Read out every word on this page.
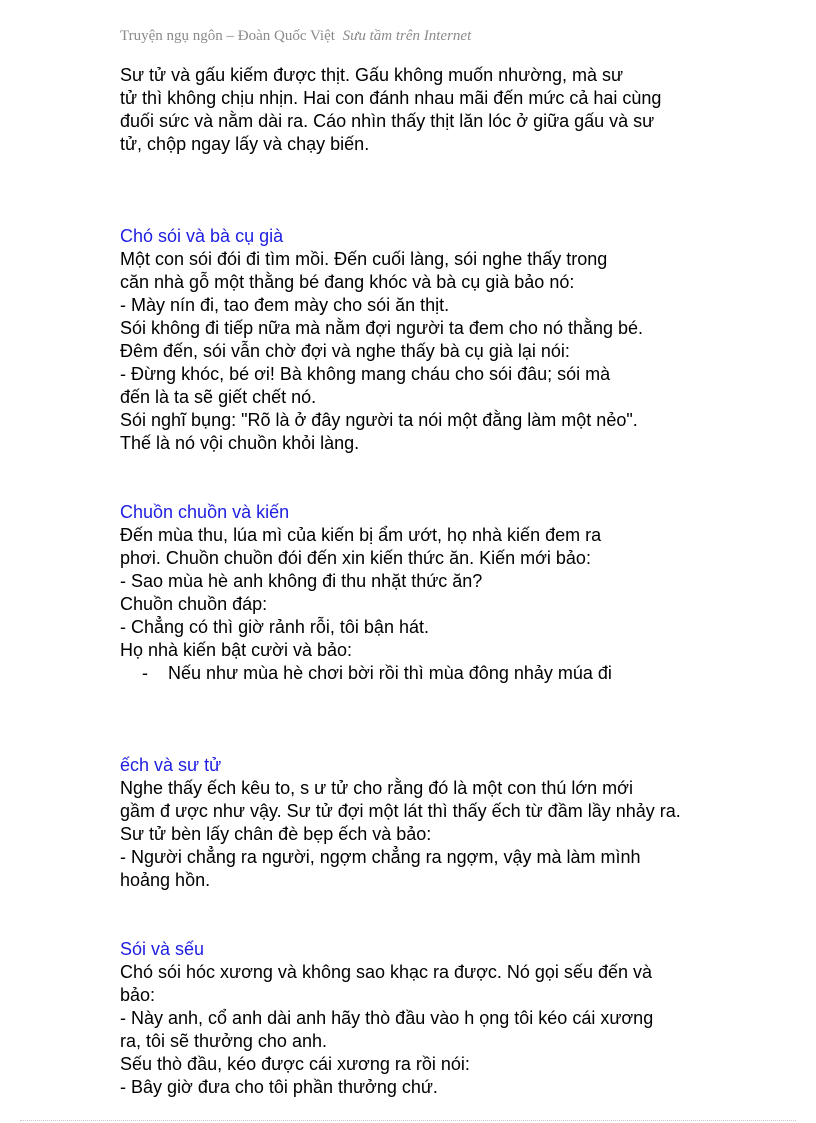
Truyện ngụ ngôn – Đoàn Quốc Việt Sưu tầm trên Internet

Sư tử và gấu kiếm được thịt. Gấu không muốn nhường, mà sư

tử thì không chịu nhịn. Hai con đánh nhau mãi đến mức cả hai cùng

đuối sức và nằm dài ra. Cáo nhìn thấy thịt lăn lóc ở giữa gấu và sư

tử, chộp ngay lấy và chạy biến.

Chó sói và bà cụ già

Một con sói đói đi tìm mồi. Đến cuối làng, sói nghe thấy trong

căn nhà gỗ một thằng bé đang khóc và bà cụ già bảo nó:

- Mày nín đi, tao đem mày cho sói ăn thịt.

Sói không đi tiếp nữa mà nằm đợi người ta đem cho nó thằng bé.

Đêm đến, sói vẫn chờ đợi và nghe thấy bà cụ già lại nói:

- Đừng khóc, bé ơi! Bà không mang cháu cho sói đâu; sói mà

đến là ta sẽ giết chết nó.

Sói nghĩ bụng: "Rõ là ở đây người ta nói một đằng làm một nẻo".

Thế là nó vội chuồn khỏi làng.

Chuồn chuồn và kiến

Đến mùa thu, lúa mì của kiến bị ẩm ướt, họ nhà kiến đem ra

phơi. Chuồn chuồn đói đến xin kiến thức ăn. Kiến mới bảo:

- Sao mùa hè anh không đi thu nhặt thức ăn?

Chuồn chuồn đáp:

- Chẳng có thì giờ rảnh rỗi, tôi bận hát.

Họ nhà kiến bật cười và bảo:

- Nếu như mùa hè chơi bời rồi thì mùa đông nhảy múa đi

ếch và sư tử

Nghe thấy ếch kêu to, s ư tử cho rằng đó là một con thú lớn mới

gầm đ ược như vậy. Sư tử đợi một lát thì thấy ếch từ đầm lầy nhảy ra.

Sư tử bèn lấy chân đè bẹp ếch và bảo:

- Người chẳng ra người, ngợm chẳng ra ngợm, vậy mà làm mình

hoảng hồn.

Sói và sếu

Chó sói hóc xương và không sao khạc ra được. Nó gọi sếu đến và

bảo:

- Này anh, cổ anh dài anh hãy thò đầu vào h ọng tôi kéo cái xương

ra, tôi sẽ thưởng cho anh.

Sếu thò đầu, kéo được cái xương ra rồi nói:

- Bây giờ đưa cho tôi phần thưởng chứ.
